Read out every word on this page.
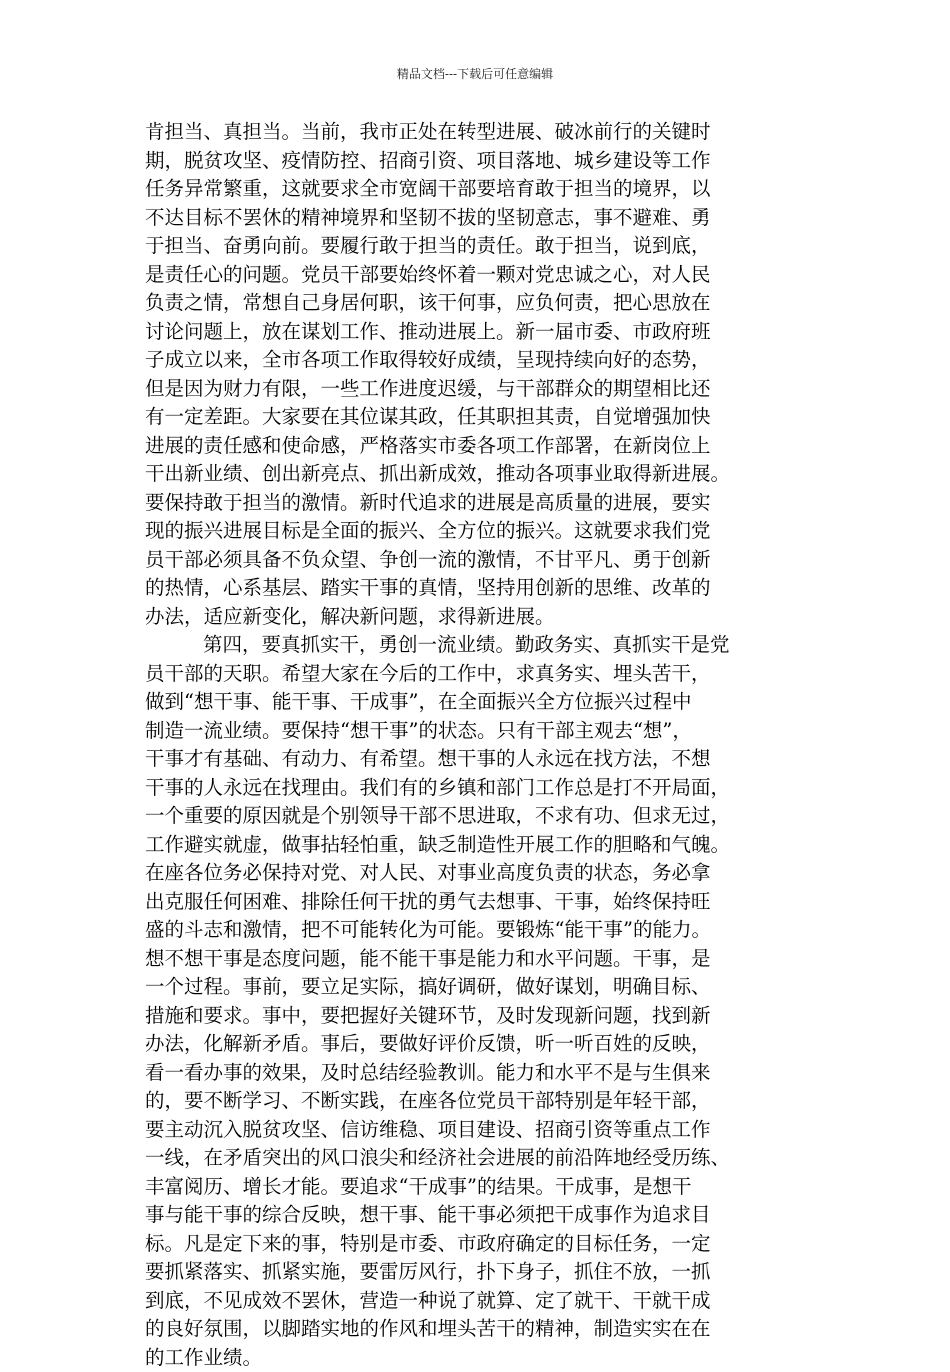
精品文档---下载后可任意编辑
肯担当、真担当。当前，我市正处在转型进展、破冰前行的关键时
期，脱贫攻坚、疫情防控、招商引资、项目落地、城乡建设等工作
任务异常繁重，这就要求全市宽阔干部要培育敢于担当的境界，以
不达目标不罢休的精神境界和坚韧不拔的坚韧意志，事不避难、勇
于担当、奋勇向前。要履行敢于担当的责任。敢于担当，说到底，
是责任心的问题。党员干部要始终怀着一颗对党忠诚之心，对人民
负责之情，常想自己身居何职，该干何事，应负何责，把心思放在
讨论问题上，放在谋划工作、推动进展上。新一届市委、市政府班
子成立以来，全市各项工作取得较好成绩，呈现持续向好的态势，
但是因为财力有限，一些工作进度迟缓，与干部群众的期望相比还
有一定差距。大家要在其位谋其政，任其职担其责，自觉增强加快
进展的责任感和使命感，严格落实市委各项工作部署，在新岗位上
干出新业绩、创出新亮点、抓出新成效，推动各项事业取得新进展。
要保持敢于担当的激情。新时代追求的进展是高质量的进展，要实
现的振兴进展目标是全面的振兴、全方位的振兴。这就要求我们党
员干部必须具备不负众望、争创一流的激情，不甘平凡、勇于创新
的热情，心系基层、踏实干事的真情，坚持用创新的思维、改革的
办法，适应新变化，解决新问题，求得新进展。
第四，要真抓实干，勇创一流业绩。勤政务实、真抓实干是党
员干部的天职。希望大家在今后的工作中，求真务实、埋头苦干，
做到“想干事、能干事、干成事”，在全面振兴全方位振兴过程中
制造一流业绩。要保持“想干事”的状态。只有干部主观去“想”，
干事才有基础、有动力、有希望。想干事的人永远在找方法，不想
干事的人永远在找理由。我们有的乡镇和部门工作总是打不开局面，
一个重要的原因就是个别领导干部不思进取，不求有功、但求无过，
工作避实就虚，做事拈轻怕重，缺乏制造性开展工作的胆略和气魄。
在座各位务必保持对党、对人民、对事业高度负责的状态，务必拿
出克服任何困难、排除任何干扰的勇气去想事、干事，始终保持旺
盛的斗志和激情，把不可能转化为可能。要锻炼“能干事”的能力。
想不想干事是态度问题，能不能干事是能力和水平问题。干事，是
一个过程。事前，要立足实际，搞好调研，做好谋划，明确目标、
措施和要求。事中，要把握好关键环节，及时发现新问题，找到新
办法，化解新矛盾。事后，要做好评价反馈，听一听百姓的反映，
看一看办事的效果，及时总结经验教训。能力和水平不是与生俱来
的，要不断学习、不断实践，在座各位党员干部特别是年轻干部，
要主动沉入脱贫攻坚、信访维稳、项目建设、招商引资等重点工作
一线，在矛盾突出的风口浪尖和经济社会进展的前沿阵地经受历练、
丰富阅历、增长才能。要追求“干成事”的结果。干成事，是想干
事与能干事的综合反映，想干事、能干事必须把干成事作为追求目
标。凡是定下来的事，特别是市委、市政府确定的目标任务，一定
要抓紧落实、抓紧实施，要雷厉风行，扑下身子，抓住不放，一抓
到底，不见成效不罢休，营造一种说了就算、定了就干、干就干成
的良好氛围，以脚踏实地的作风和埋头苦干的精神，制造实实在在
的工作业绩。
